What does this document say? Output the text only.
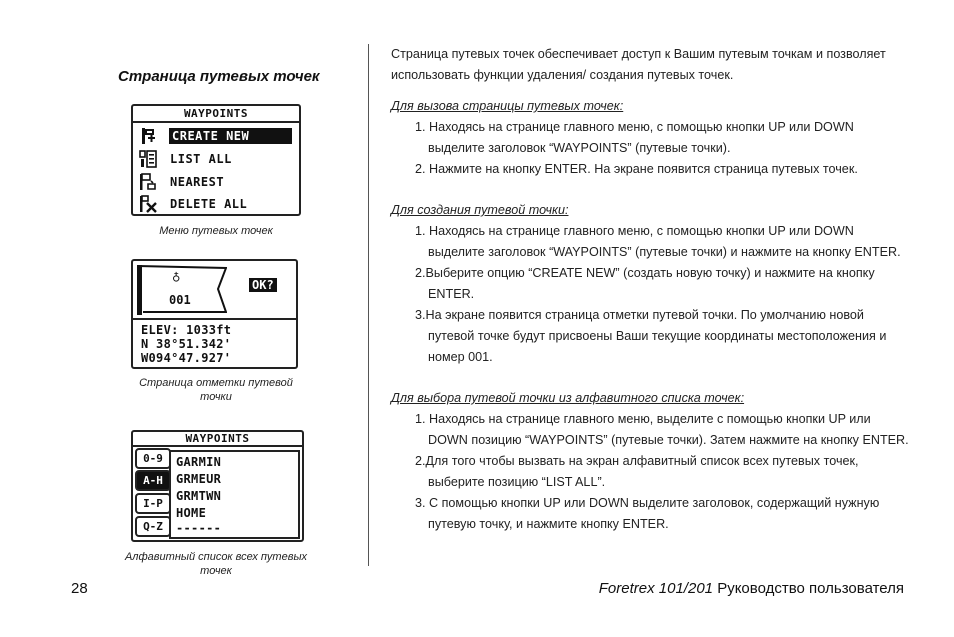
Страница путевых точек
WAYPOINTS
CREATE NEW
LIST ALL
NEAREST
DELETE ALL
Меню путевых точек
♁
001
OK?
ELEV: 1033ft
N 38°51.342'
W094°47.927'
Страница отметки путевой точки
WAYPOINTS
0-9
A-H
I-P
Q-Z
GARMIN
GRMEUR
GRMTWN
HOME
------
Алфавитный список всех путевых точек

Страница путевых точек обеспечивает доступ к Вашим путевым точкам и позволяет использовать функции удаления/ создания путевых точек.

Для вызова страницы путевых точек:

1. Находясь на странице главного меню, с помощью кнопки UP или DOWN выделите заголовок “WAYPOINTS” (путевые точки).

2. Нажмите на кнопку ENTER. На экране появится страница путевых точек.

Для создания путевой точки:

1. Находясь на странице главного меню, с помощью кнопки UP или DOWN выделите заголовок “WAYPOINTS” (путевые точки) и нажмите на кнопку ENTER.

2.Выберите опцию “CREATE NEW” (создать новую точку) и нажмите на кнопку ENTER.

3.На экране появится страница отметки путевой точки. По умолчанию новой путевой точке будут присвоены Ваши текущие координаты местоположения и номер 001.

Для выбора путевой точки из алфавитного списка точек:

1. Находясь на странице главного меню, выделите с помощью кнопки UP или DOWN позицию “WAYPOINTS” (путевые точки). Затем нажмите на кнопку ENTER.

2.Для того чтобы вызвать на экран алфавитный список всех путевых точек, выберите позицию “LIST ALL”.

3. С помощью кнопки UP или DOWN выделите заголовок, содержащий нужную путевую точку, и нажмите кнопку ENTER.

28	Foretrex 101/201 Руководство пользователя
